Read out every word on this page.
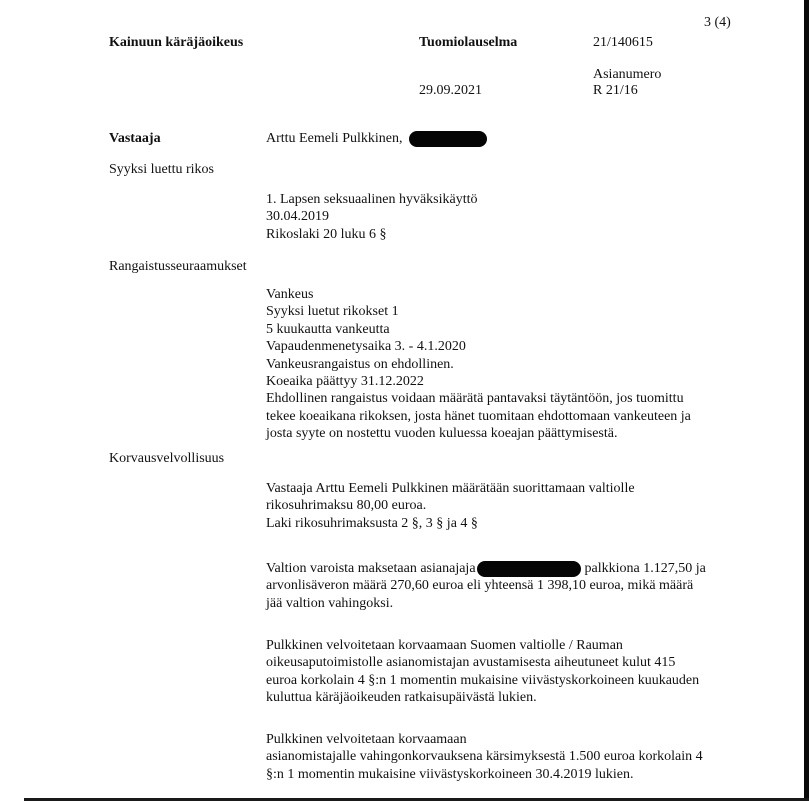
3 (4)
Kainuun käräjäoikeus	Tuomiolauselma	21/140615
Asianumero
29.09.2021	R 21/16
Vastaaja	Arttu Eemeli Pulkkinen,
Syyksi luettu rikos
1. Lapsen seksuaalinen hyväksikäyttö
30.04.2019
Rikoslaki 20 luku 6 §
Rangaistusseuraamukset
Vankeus
Syyksi luetut rikokset 1
5 kuukautta vankeutta
Vapaudenmenetysaika 3. - 4.1.2020
Vankeusrangaistus on ehdollinen.
Koeaika päättyy 31.12.2022
Ehdollinen rangaistus voidaan määrätä pantavaksi täytäntöön, jos tuomittu
tekee koeaikana rikoksen, josta hänet tuomitaan ehdottomaan vankeuteen ja
josta syyte on nostettu vuoden kuluessa koeajan päättymisestä.
Korvausvelvollisuus
Vastaaja Arttu Eemeli Pulkkinen määrätään suorittamaan valtiolle
rikosuhrimaksu 80,00 euroa.
Laki rikosuhrimaksusta 2 §, 3 § ja 4 §
Valtion varoista maksetaan asianajaja	palkkiona 1.127,50 ja
arvonlisäveron määrä 270,60 euroa eli yhteensä 1 398,10 euroa, mikä määrä
jää valtion vahingoksi.
Pulkkinen velvoitetaan korvaamaan Suomen valtiolle / Rauman
oikeusaputoimistolle asianomistajan avustamisesta aiheutuneet kulut 415
euroa korkolain 4 §:n 1 momentin mukaisine viivästyskorkoineen kuukauden
kuluttua käräjäoikeuden ratkaisupäivästä lukien.
Pulkkinen velvoitetaan korvaamaan
asianomistajalle vahingonkorvauksena kärsimyksestä 1.500 euroa korkolain 4
§:n 1 momentin mukaisine viivästyskorkoineen 30.4.2019 lukien.
